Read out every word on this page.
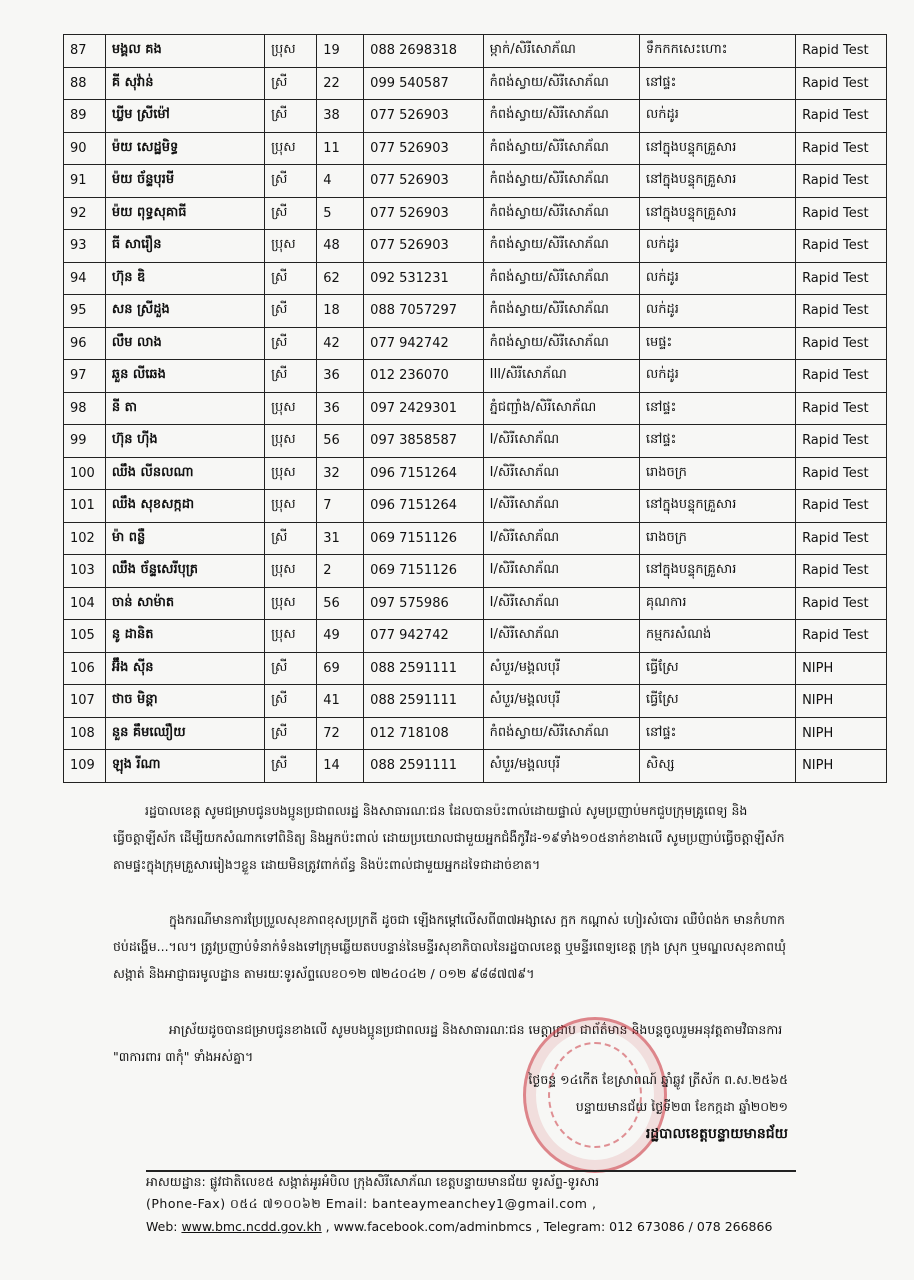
87	មង្គល គង	ប្រុស	19	088 2698318	ម្កាក់/សិរីសោភ័ណ	ទឹកកកសេះហោះ	Rapid Test
88	គី សុវ៉ាន់	ស្រី	22	099 540587	កំពង់ស្វាយ/សិរីសោភ័ណ	នៅផ្ទះ	Rapid Test
89	ឃ្លីម ស្រីម៉ៅ	ស្រី	38	077 526903	កំពង់ស្វាយ/សិរីសោភ័ណ	លក់ដូរ	Rapid Test
90	ម៉យ សេដ្ឋមិទ្ធ	ប្រុស	11	077 526903	កំពង់ស្វាយ/សិរីសោភ័ណ	នៅក្នុងបន្ទុកគ្រួសារ	Rapid Test
91	ម៉យ ច័ន្ទបុរមី	ស្រី	4	077 526903	កំពង់ស្វាយ/សិរីសោភ័ណ	នៅក្នុងបន្ទុកគ្រួសារ	Rapid Test
92	ម៉យ ពុទ្ធសុគាធី	ស្រី	5	077 526903	កំពង់ស្វាយ/សិរីសោភ័ណ	នៅក្នុងបន្ទុកគ្រួសារ	Rapid Test
93	ធី សារឿន	ប្រុស	48	077 526903	កំពង់ស្វាយ/សិរីសោភ័ណ	លក់ដូរ	Rapid Test
94	ហ៊ុន ឌិ	ស្រី	62	092 531231	កំពង់ស្វាយ/សិរីសោភ័ណ	លក់ដូរ	Rapid Test
95	សន ស្រីដួង	ស្រី	18	088 7057297	កំពង់ស្វាយ/សិរីសោភ័ណ	លក់ដូរ	Rapid Test
96	លឹម លាង	ស្រី	42	077 942742	កំពង់ស្វាយ/សិរីសោភ័ណ	មេផ្ទះ	Rapid Test
97	ឆួន លីឆេង	ស្រី	36	012 236070	III/សិរីសោភ័ណ	លក់ដូរ	Rapid Test
98	នី តា	ប្រុស	36	097 2429301	ភ្នំជញ្ជាំង/សិរីសោភ័ណ	នៅផ្ទះ	Rapid Test
99	ហ៊ុន ហ៊ីង	ប្រុស	56	097 3858587	I/សិរីសោភ័ណ	នៅផ្ទះ	Rapid Test
100	ឈឹង លីនលណា	ប្រុស	32	096 7151264	I/សិរីសោភ័ណ	រោងចក្រ	Rapid Test
101	ឈឹង សុខសក្កដា	ប្រុស	7	096 7151264	I/សិរីសោភ័ណ	នៅក្នុងបន្ទុកគ្រួសារ	Rapid Test
102	ម៉ា ពន្លឺ	ស្រី	31	069 7151126	I/សិរីសោភ័ណ	រោងចក្រ	Rapid Test
103	ឈឹង ច័ន្ទសេរីបុត្រ	ប្រុស	2	069 7151126	I/សិរីសោភ័ណ	នៅក្នុងបន្ទុកគ្រួសារ	Rapid Test
104	ចាន់ សាម៉ាត	ប្រុស	56	097 575986	I/សិរីសោភ័ណ	គុណការ	Rapid Test
105	នូ ដានិត	ប្រុស	49	077 942742	I/សិរីសោភ័ណ	កម្មករសំណង់	Rapid Test
106	អ៊ឹង ស៊ីន	ស្រី	69	088 2591111	សំបួរ/មង្គលបុរី	ធ្វើស្រែ	NIPH
107	ថាច មិន្ដា	ស្រី	41	088 2591111	សំបួរ/មង្គលបុរី	ធ្វើស្រែ	NIPH
108	នួន គឹមឈឿយ	ស្រី	72	012 718108	កំពង់ស្វាយ/សិរីសោភ័ណ	នៅផ្ទះ	NIPH
109	ឡុង រីណា	ស្រី	14	088 2591111	សំបួរ/មង្គលបុរី	សិស្ស	NIPH
រដ្ឋបាលខេត្ត សូមជម្រាបជូនបងប្អូនប្រជាពលរដ្ឋ និងសាធារណៈជន ដែលបានប៉ះពាល់ដោយផ្ទាល់ សូមប្រញាប់មកជួបក្រុមគ្រូពេទ្យ និងធ្វើចត្តាឡីស័ក ដើម្បីយកសំណាកទៅពិនិត្យ និងអ្នកប៉ះពាល់ ដោយប្រយោលជាមួយអ្នកជំងឺកូវីដ-១៩ទាំង១០៥នាក់ខាងលើ សូមប្រញាប់ធ្វើចត្តាឡីស័កតាមផ្ទះក្នុងក្រុមគ្រួសាររៀងៗខ្លួន ដោយមិនត្រូវពាក់ព័ន្ធ និងប៉ះពាល់ជាមួយអ្នកដទៃជាដាច់ខាត។
ក្នុងករណីមានការប្រែប្រួលសុខភាពខុសប្រក្រតី ដូចជា ឡើងកម្ដៅលើសពី៣៧អង្សាសេ ក្អក កណ្ដាស់ ហៀរសំបោរ ឈឺបំពង់ក មានកំហាក ថប់ដង្ហើម...។ល។ ត្រូវប្រញាប់ទំនាក់ទំនងទៅក្រុមឆ្លើយតបបន្ទាន់នៃមន្ទីរសុខាភិបាលនៃរដ្ឋបាលខេត្ត ឬមន្ទីរពេទ្យខេត្ត ក្រុង ស្រុក ឬមណ្ឌលសុខភាពឃុំ សង្កាត់ និងអាជ្ញាធរមូលដ្ឋាន តាមរយៈទូរស័ព្ទលេខ០១២ ៧២៤០៤២ / ០១២ ៩៨៨៧៧៩។
អាស្រ័យដូចបានជម្រាបជូនខាងលើ សូមបងប្អូនប្រជាពលរដ្ឋ និងសាធារណៈជន មេត្តាជ្រាប ជាព័ត៌មាន និងបន្តចូលរួមអនុវត្តតាមវិធានការ "៣ការពារ ៣កុំ" ទាំងអស់គ្នា។
ថ្ងៃចន្ទ ១៤កើត ខែស្រាពណ៍ ឆ្នាំឆ្លូវ ត្រីស័ក ព.ស.២៥៦៥
បន្ទាយមានជ័យ ថ្ងៃទី២៣ ខែកក្កដា ឆ្នាំ២០២១
រដ្ឋបាលខេត្តបន្ទាយមានជ័យ
អាសយដ្ឋាន: ផ្លូវជាតិលេខ៥ សង្កាត់អូរអំបិល ក្រុងសិរីសោភ័ណ ខេត្តបន្ទាយមានជ័យ ទូរស័ព្ទ-ទូរសារ
(Phone-Fax) ០៥៤ ៧១០០៦២ Email: banteaymeanchey1@gmail.com ,
Web: www.bmc.ncdd.gov.kh , www.facebook.com/adminbmcs , Telegram: 012 673086 / 078 266866
